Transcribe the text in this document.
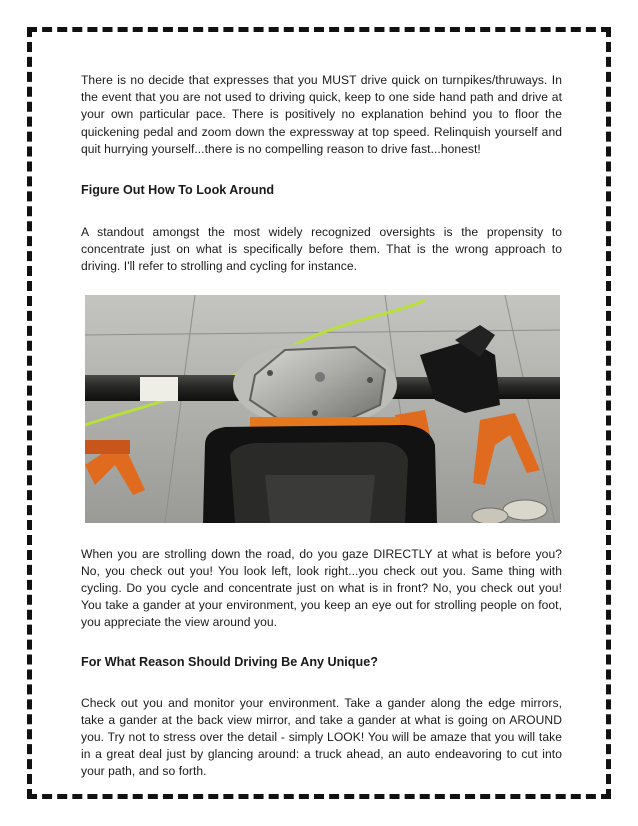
There is no decide that expresses that you MUST drive quick on turnpikes/thruways. In the event that you are not used to driving quick, keep to one side hand path and drive at your own particular pace. There is positively no explanation behind you to floor the quickening pedal and zoom down the expressway at top speed. Relinquish yourself and quit hurrying yourself...there is no compelling reason to drive fast...honest!

Figure Out How To Look Around

A standout amongst the most widely recognized oversights is the propensity to concentrate just on what is specifically before them. That is the wrong approach to driving. I'll refer to strolling and cycling for instance.

When you are strolling down the road, do you gaze DIRECTLY at what is before you? No, you check out you! You look left, look right...you check out you. Same thing with cycling. Do you cycle and concentrate just on what is in front? No, you check out you! You take a gander at your environment, you keep an eye out for strolling people on foot, you appreciate the view around you.

For What Reason Should Driving Be Any Unique?

Check out you and monitor your environment. Take a gander along the edge mirrors, take a gander at the back view mirror, and take a gander at what is going on AROUND you. Try not to stress over the detail - simply LOOK! You will be amaze that you will take in a great deal just by glancing around: a truck ahead, an auto endeavoring to cut into your path, and so forth.
